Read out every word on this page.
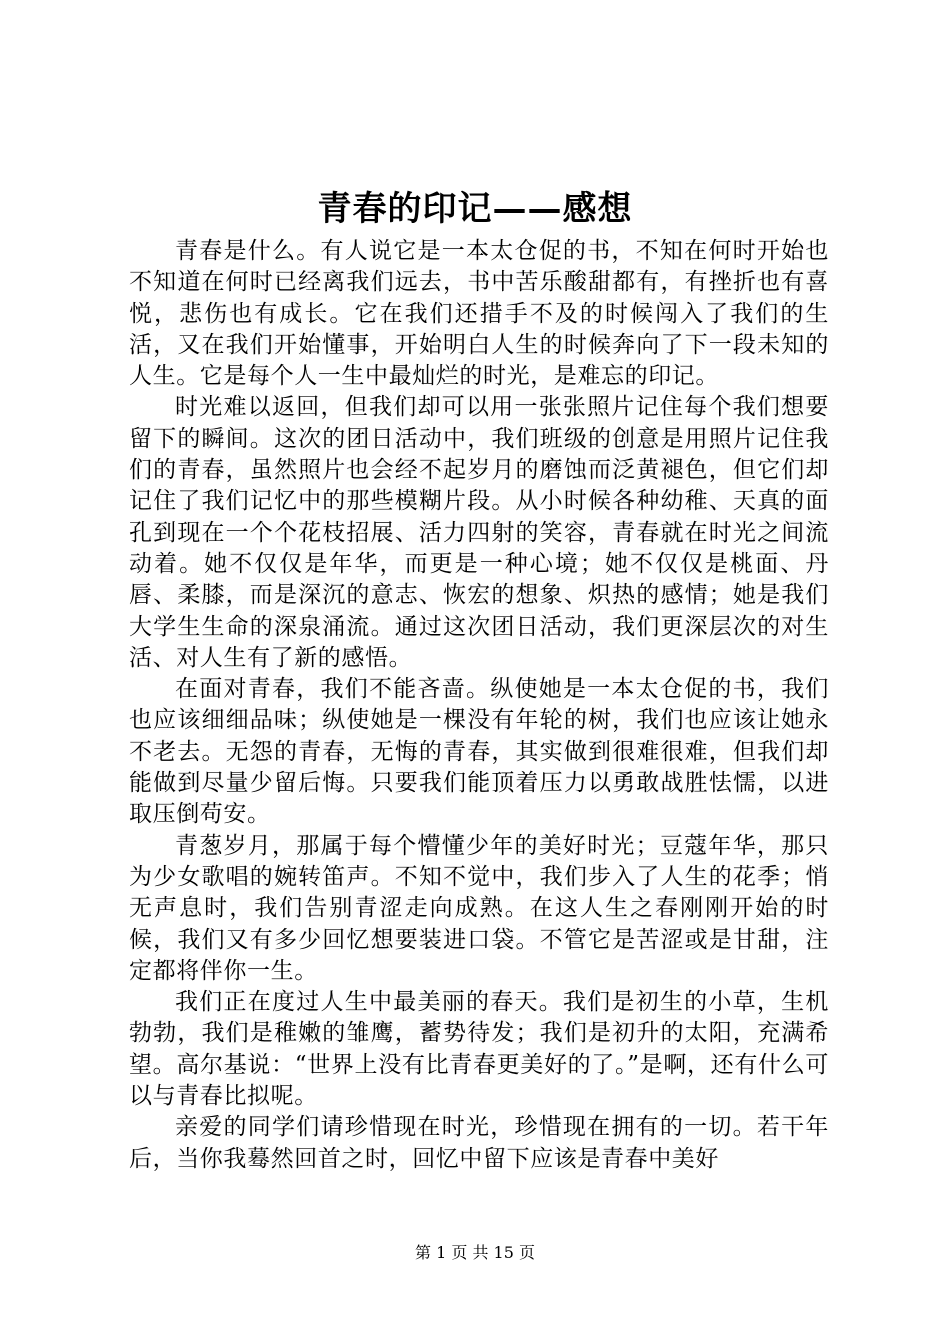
青春的印记——感想

青春是什么。有人说它是一本太仓促的书，不知在何时开始也不知道在何时已经离我们远去，书中苦乐酸甜都有，有挫折也有喜悦，悲伤也有成长。它在我们还措手不及的时候闯入了我们的生活，又在我们开始懂事，开始明白人生的时候奔向了下一段未知的人生。它是每个人一生中最灿烂的时光，是难忘的印记。

时光难以返回，但我们却可以用一张张照片记住每个我们想要留下的瞬间。这次的团日活动中，我们班级的创意是用照片记住我们的青春，虽然照片也会经不起岁月的磨蚀而泛黄褪色，但它们却记住了我们记忆中的那些模糊片段。从小时候各种幼稚、天真的面孔到现在一个个花枝招展、活力四射的笑容，青春就在时光之间流动着。她不仅仅是年华，而更是一种心境；她不仅仅是桃面、丹唇、柔膝，而是深沉的意志、恢宏的想象、炽热的感情；她是我们大学生生命的深泉涌流。通过这次团日活动，我们更深层次的对生活、对人生有了新的感悟。

在面对青春，我们不能吝啬。纵使她是一本太仓促的书，我们也应该细细品味；纵使她是一棵没有年轮的树，我们也应该让她永不老去。无怨的青春，无悔的青春，其实做到很难很难，但我们却能做到尽量少留后悔。只要我们能顶着压力以勇敢战胜怯懦，以进取压倒苟安。

青葱岁月，那属于每个懵懂少年的美好时光；豆蔻年华，那只为少女歌唱的婉转笛声。不知不觉中，我们步入了人生的花季；悄无声息时，我们告别青涩走向成熟。在这人生之春刚刚开始的时候，我们又有多少回忆想要装进口袋。不管它是苦涩或是甘甜，注定都将伴你一生。

我们正在度过人生中最美丽的春天。我们是初生的小草，生机勃勃，我们是稚嫩的雏鹰，蓄势待发；我们是初升的太阳，充满希望。高尔基说：“世界上没有比青春更美好的了。”是啊，还有什么可以与青春比拟呢。

亲爱的同学们请珍惜现在时光，珍惜现在拥有的一切。若干年后，当你我蓦然回首之时，回忆中留下应该是青春中美好

第 1 页 共 15 页
